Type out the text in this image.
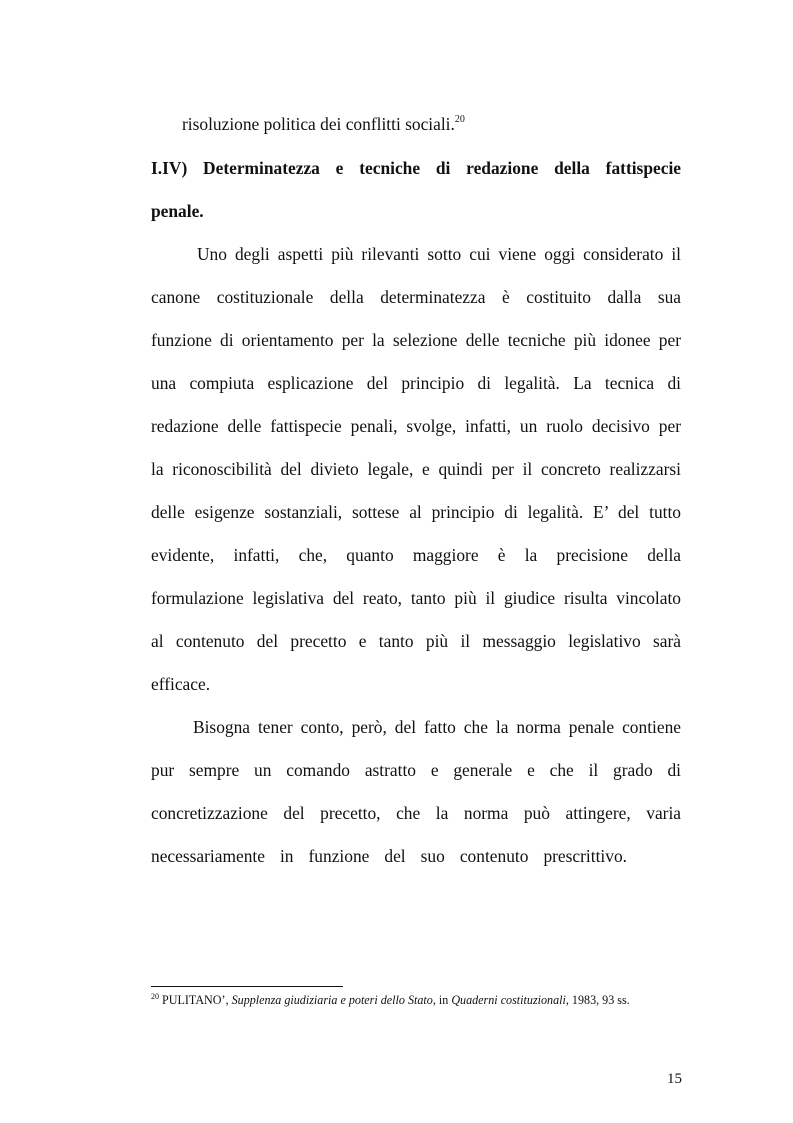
risoluzione politica dei conflitti sociali.$^{20}$
I.IV) Determinatezza e tecniche di redazione della fattispecie
penale.
Uno degli aspetti più rilevanti sotto cui viene oggi considerato il
canone costituzionale della determinatezza è costituito dalla sua
funzione di orientamento per la selezione delle tecniche più idonee per
una compiuta esplicazione del principio di legalità. La tecnica di
redazione delle fattispecie penali, svolge, infatti, un ruolo decisivo per
la riconoscibilità del divieto legale, e quindi per il concreto realizzarsi
delle esigenze sostanziali, sottese al principio di legalità. E’ del tutto
evidente, infatti, che, quanto maggiore è la precisione della
formulazione legislativa del reato, tanto più il giudice risulta vincolato
al contenuto del precetto e tanto più il messaggio legislativo sarà
efficace.
Bisogna tener conto, però, del fatto che la norma penale contiene
pur sempre un comando astratto e generale e che il grado di
concretizzazione del precetto, che la norma può attingere, varia
necessariamente in funzione del suo contenuto prescrittivo.
$^{20}$ PULITANO’, Supplenza giudiziaria e poteri dello Stato, in Quaderni costituzionali, 1983, 93 ss.
15
